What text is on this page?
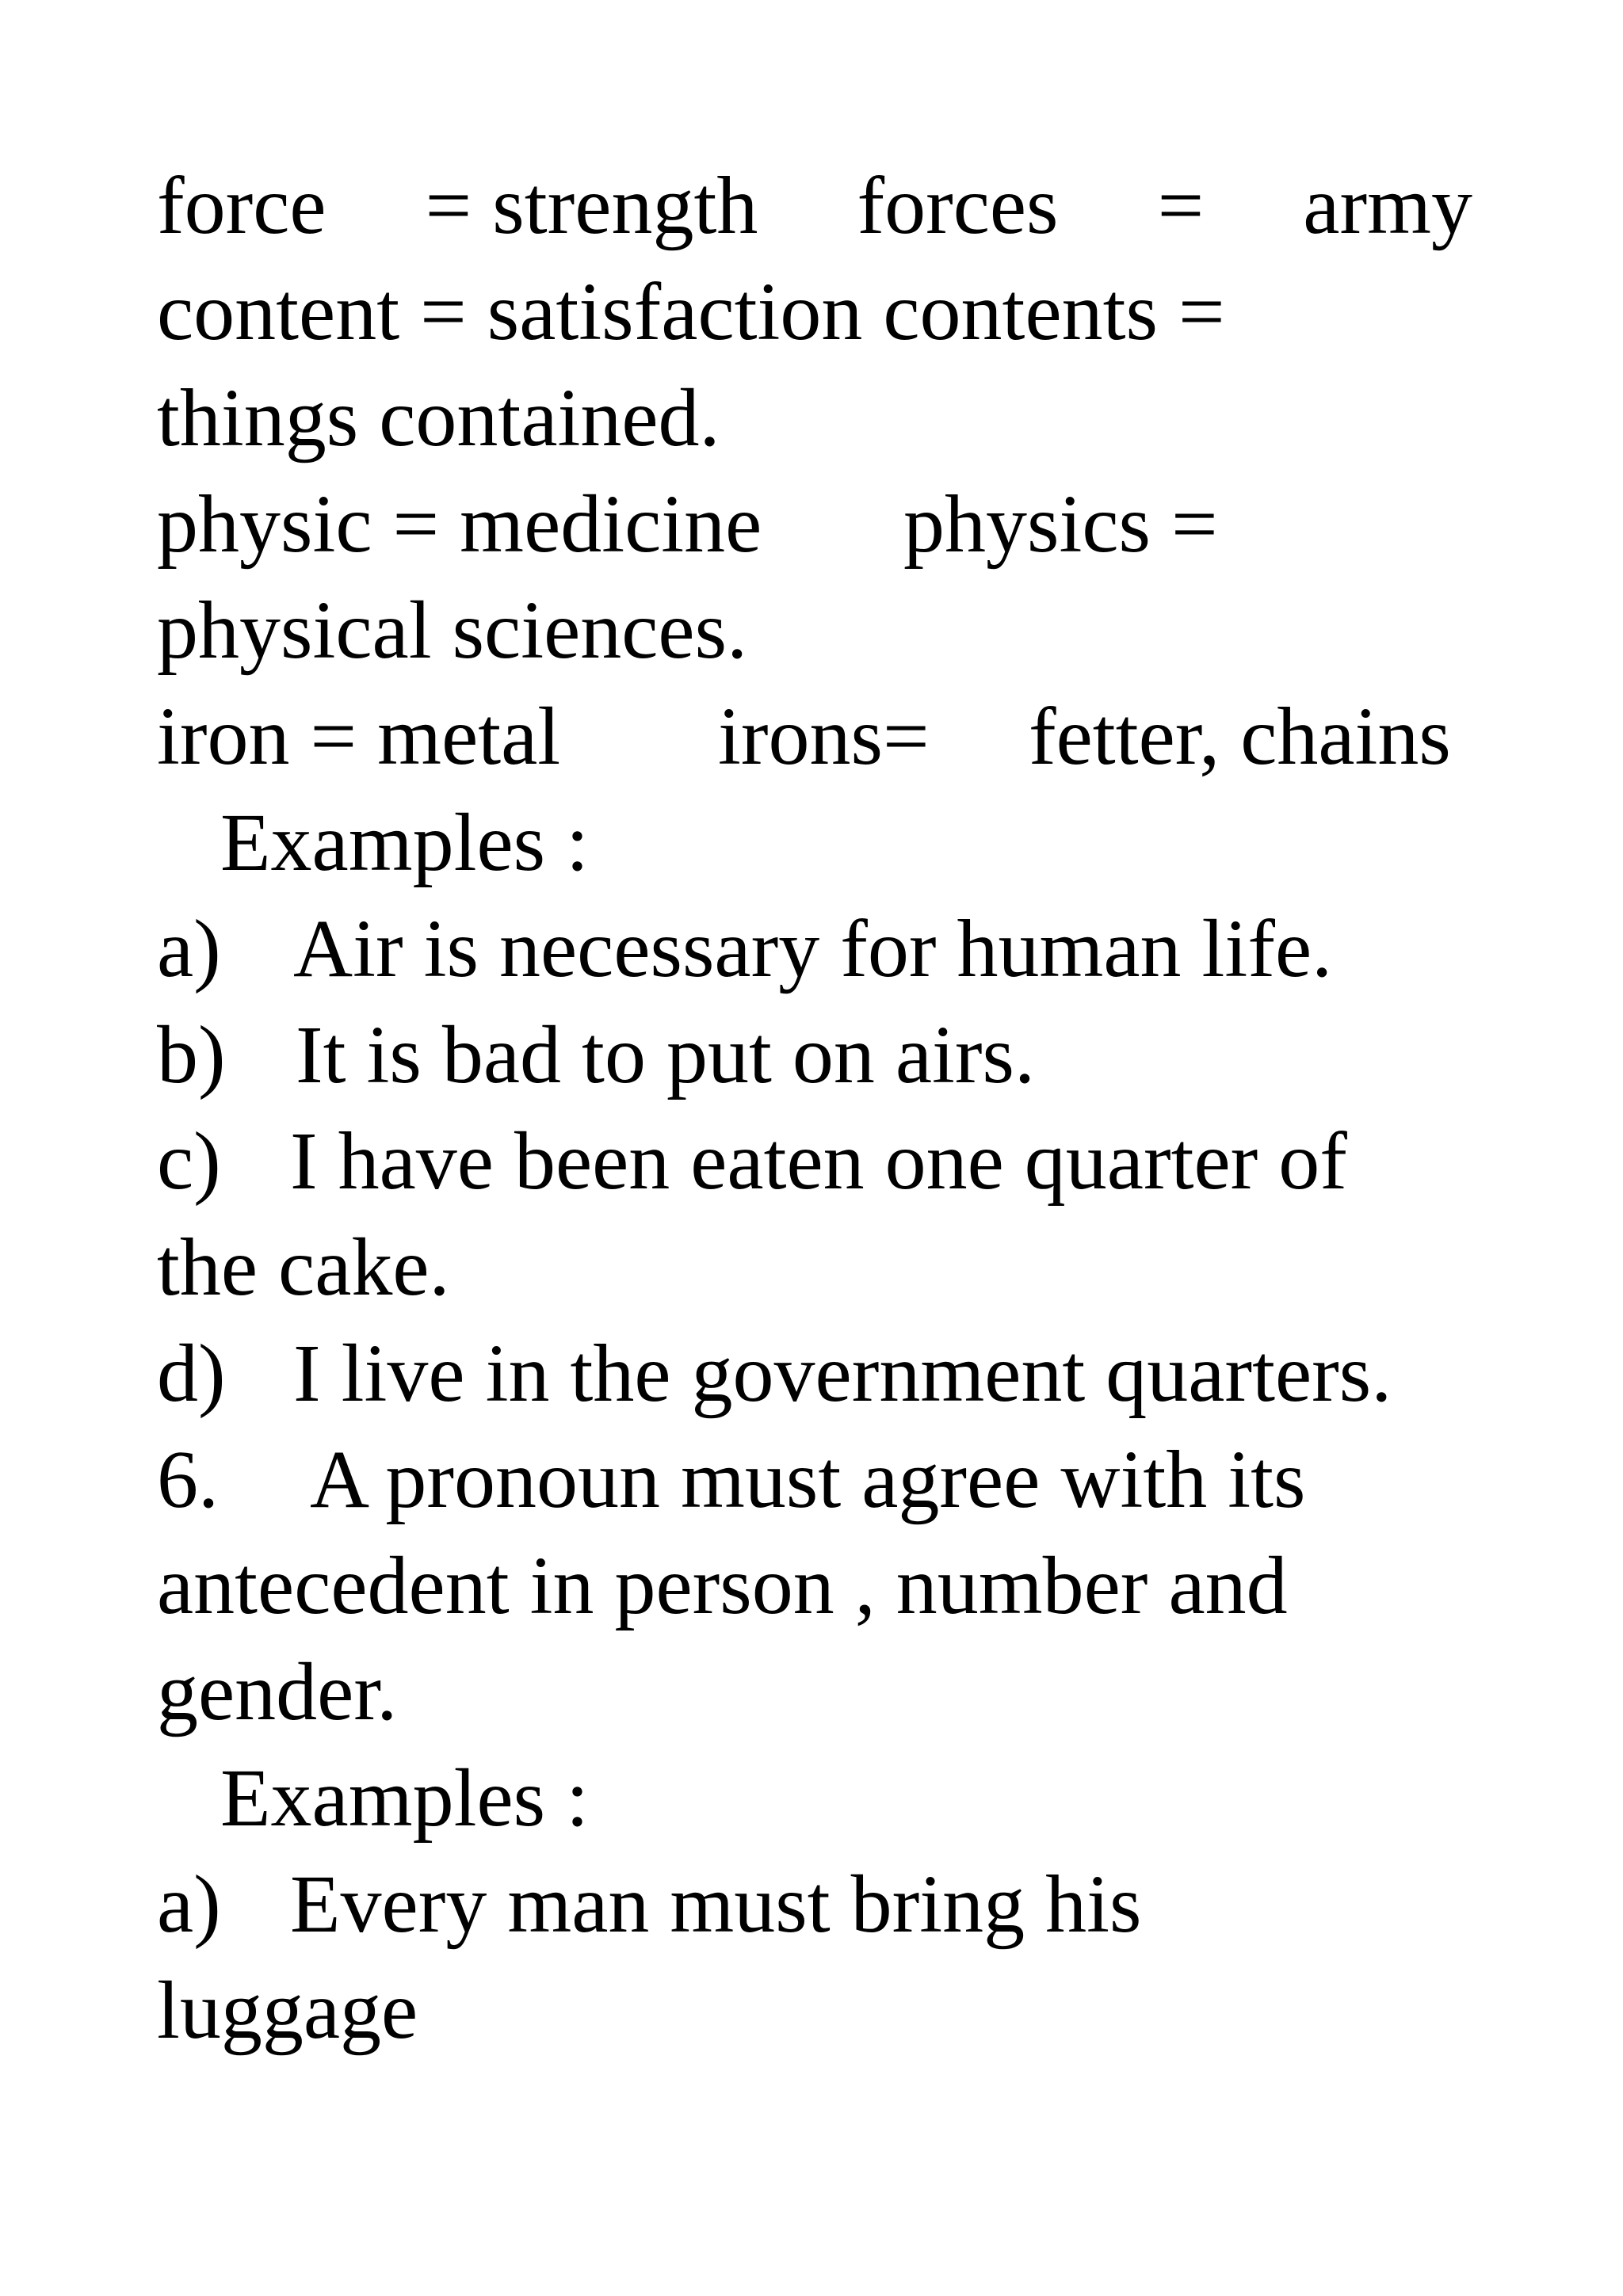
force = strength forces = army
content = satisfaction contents =
things contained.
physic = medicine physics =
physical sciences.
iron = metal irons= fetter, chains
Examples :
a) Air is necessary for human life.
b) It is bad to put on airs.
c) I have been eaten one quarter of
the cake.
d) I live in the government quarters.
6. A pronoun must agree with its
antecedent in person , number and
gender.
Examples :
a) Every man must bring his
luggage
